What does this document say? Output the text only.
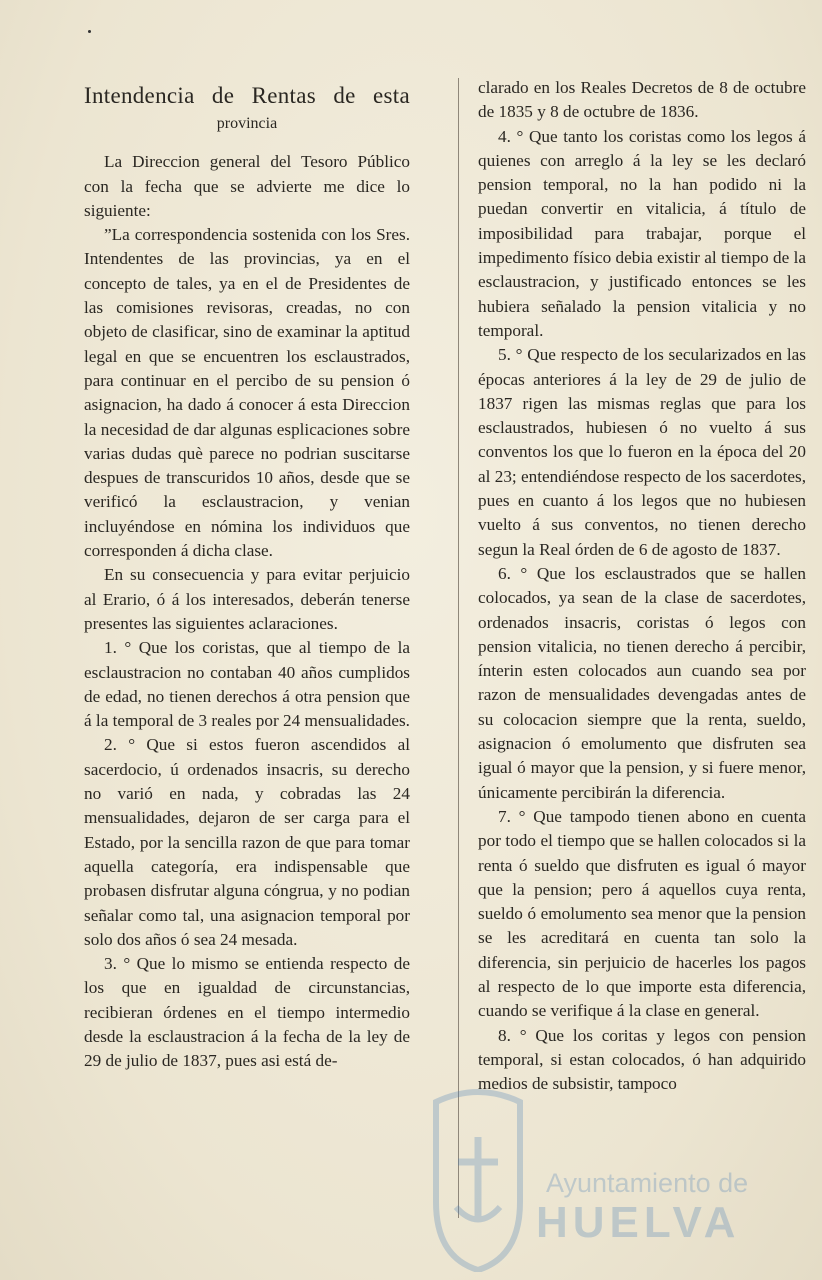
Intendencia de Rentas de esta
provincia

La Direccion general del Tesoro Público con la fecha que se advierte me dice lo siguiente:

”La correspondencia sostenida con los Sres. Intendentes de las provincias, ya en el concepto de tales, ya en el de Presidentes de las comisiones revisoras, creadas, no con objeto de clasificar, sino de examinar la aptitud legal en que se encuentren los esclaustrados, para continuar en el percibo de su pension ó asignacion, ha dado á conocer á esta Direccion la necesidad de dar algunas esplicaciones sobre varias dudas què parece no podrian suscitarse despues de transcuridos 10 años, desde que se verificó la esclaustracion, y venian incluyéndose en nómina los individuos que corresponden á dicha clase.

En su consecuencia y para evitar perjuicio al Erario, ó á los interesados, deberán tenerse presentes las siguientes aclaraciones.

1. ° Que los coristas, que al tiempo de la esclaustracion no contaban 40 años cumplidos de edad, no tienen derechos á otra pension que á la temporal de 3 reales por 24 mensualidades.

2. ° Que si estos fueron ascendidos al sacerdocio, ú ordenados insacris, su derecho no varió en nada, y cobradas las 24 mensualidades, dejaron de ser carga para el Estado, por la sencilla razon de que para tomar aquella categoría, era indispensable que probasen disfrutar alguna cóngrua, y no podian señalar como tal, una asignacion temporal por solo dos años ó sea 24 mesada.

3. ° Que lo mismo se entienda respecto de los que en igualdad de circunstancias, recibieran órdenes en el tiempo intermedio desde la esclaustracion á la fecha de la ley de 29 de julio de 1837, pues asi está de-

clarado en los Reales Decretos de 8 de octubre de 1835 y 8 de octubre de 1836.

4. ° Que tanto los coristas como los legos á quienes con arreglo á la ley se les declaró pension temporal, no la han podido ni la puedan convertir en vitalicia, á título de imposibilidad para trabajar, porque el impedimento físico debia existir al tiempo de la esclaustracion, y justificado entonces se les hubiera señalado la pension vitalicia y no temporal.

5. ° Que respecto de los secularizados en las épocas anteriores á la ley de 29 de julio de 1837 rigen las mismas reglas que para los esclaustrados, hubiesen ó no vuelto á sus conventos los que lo fueron en la época del 20 al 23; entendiéndose respecto de los sacerdotes, pues en cuanto á los legos que no hubiesen vuelto á sus conventos, no tienen derecho segun la Real órden de 6 de agosto de 1837.

6. ° Que los esclaustrados que se hallen colocados, ya sean de la clase de sacerdotes, ordenados insacris, coristas ó legos con pension vitalicia, no tienen derecho á percibir, ínterin esten colocados aun cuando sea por razon de mensualidades devengadas antes de su colocacion siempre que la renta, sueldo, asignacion ó emolumento que disfruten sea igual ó mayor que la pension, y si fuere menor, únicamente percibirán la diferencia.

7. ° Que tampodo tienen abono en cuenta por todo el tiempo que se hallen colocados si la renta ó sueldo que disfruten es igual ó mayor que la pension; pero á aquellos cuya renta, sueldo ó emolumento sea menor que la pension se les acreditará en cuenta tan solo la diferencia, sin perjuicio de hacerles los pagos al respecto de lo que importe esta diferencia, cuando se verifique á la clase en general.

8. ° Que los coritas y legos con pension temporal, si estan colocados, ó han adquirido medios de subsistir, tampoco

Ayuntamiento de
HUELVA
